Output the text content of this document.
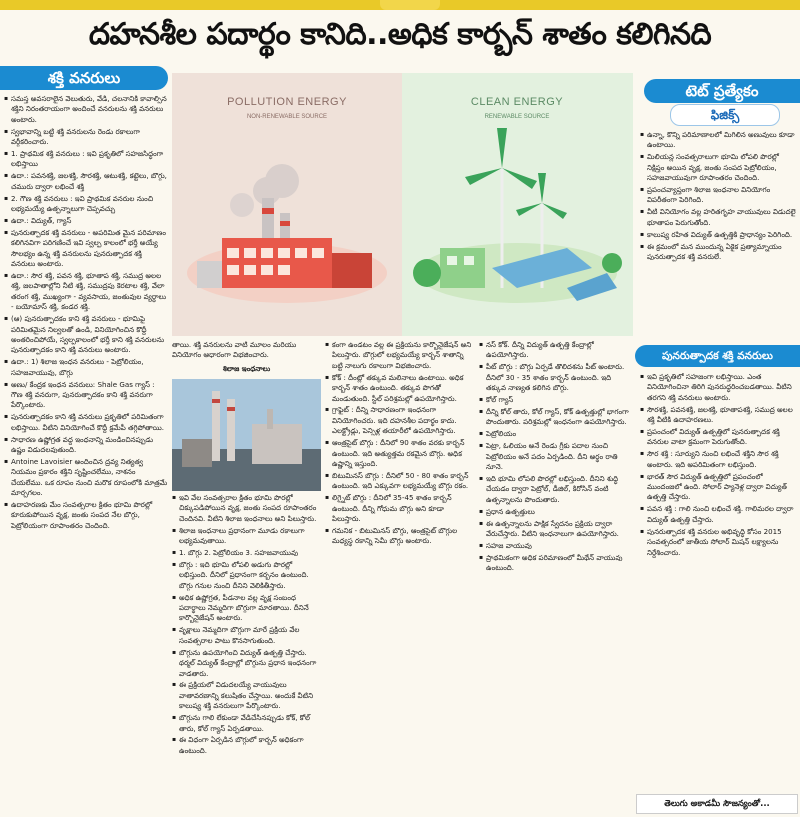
దహనశీల పదార్థం కానిది..అధిక కార్బన్ శాతం కలిగినది
శక్తి వనరులు

▪ సమస్త అవసరాలైన వెలుతురు, వేడి, చలనానికి కావాల్సిన శక్తిని నిరంతరాయంగా అందించే వనరులను శక్తి వనరులు అంటారు.

▪ స్వభావాన్ని బట్టి శక్తి వనరులను రెండు రకాలుగా వర్గీకరించారు.

▪ 1. ప్రాథమిక శక్తి వనరులు : ఇవి ప్రకృతిలో సహజసిద్ధంగా లభిస్తాయి

▪ ఉదా.: పవనశక్తి, జలశక్తి, సౌరశక్తి, ఆటుశక్తి, కట్టెలు, బొగ్గు, చమురు ద్వారా లభించే శక్తి

▪ 2. గౌణ శక్తి వనరులు : ఇవి ప్రాథమిక వనరుల నుంచి లభ్యమయ్యే ఉత్పన్నాలుగా చెప్పవచ్చు

▪ ఉదా.: విద్యుత్, గ్యాస్

▪ పునరుత్పాదక శక్తి వనరులు - అపరిమిత మైన పరిమాణం కలిగినవిగా పరిగణించే ఇవి స్వల్ప కాలంలో భర్తీ అయ్యే సౌలభ్యం ఉన్న శక్తి వనరులను పునరుత్పాదక శక్తి వనరులు అంటారు.

▪ ఉదా.: సౌర శక్తి, పవన శక్తి, భూతాప శక్తి, సముద్ర అలల శక్తి, జలపాతాల్లోని నీటి శక్తి, సముద్రపు కెరటాల శక్తి, వేలా తరంగ శక్తి, ముఖ్యంగా - వ్యవసాయ, జంతువుల వ్యర్థాలు - బయోమాస్ శక్తి, కండర శక్తి.

▪ (ఆ) పునరుత్పాదకం కాని శక్తి వనరులు - భూమిపై పరిమితమైన నిల్వలతో ఉండి, వినియోగించిన కొద్దీ అంతరించిపోయే, స్వల్పకాలంలో భర్తీ కాని శక్తి వనరులను పునరుత్పాదకం కాని శక్తి వనరులు అంటారు.

▪ ఉదా.: 1) శిలాజ ఇంధన వనరులు - పెట్రోలియం, సహజవాయువు, బొగ్గు

▪ అణు/ కేంద్రక ఇంధన వనరులు: Shale Gas గ్యాస్ : గౌణ శక్తి వనరుగా, పునరుత్పాదకం కాని శక్తి వనరుగా పేర్కొంటారు.

▪ పునరుత్పాదకం కాని శక్తి వనరులు ప్రకృతిలో పరిమితంగా లభిస్తాయి. వీటిని వినియోగించే కొద్దీ క్రమేపీ తగ్గిపోతాయి.

▪ సాధారణ ఉష్ణోగ్రత వద్ద ఇంధనాన్ని మండించినప్పుడు ఉష్ణం విడుదలవుతుంది.

▪ Antoine Lavoisier అందించిన ద్రవ్య నిత్యత్వ నియమం ప్రకారం శక్తిని సృష్టించలేము, నాశనం చేయలేము. ఒక రూపం నుంచి మరొక రూపంలోకి మాత్రమే మార్చగలం.

▪ ఉదాహరణకు మేం సంవత్సరాల క్రితం భూమి పొరల్లో కూరుకుపోయిన వృక్ష, జంతు సంపద నేల బొగ్గు, పెట్రోలియంగా రూపాంతరం చెందింది.

POLLUTION ENERGY
NON-RENEWABLE SOURCE
CLEAN ENERGY
RENEWABLE SOURCE

తాయి. శక్తి వనరులను వాటి మూలం మరియు వినియోగం ఆధారంగా విభజించారు.

శిలాజ ఇంధనాలు

▪ ఇవి వేల సంవత్సరాల క్రితం భూమి పొరల్లో చిక్కుపడిపోయిన వృక్ష, జంతు సంపద రూపాంతరం చెందినవి. వీటిని శిలాజ ఇంధనాలు అని పిలుస్తారు.

▪ శిలాజ ఇంధనాలు ప్రధానంగా మూడు రకాలుగా లభ్యమవుతాయి.

▪ 1. బొగ్గు 2. పెట్రోలియం 3. సహజవాయువు

▪ బొగ్గు : ఇది భూమి లోపలి అడుగు పొరల్లో లభిస్తుంది. దీనిలో ప్రధానంగా కర్బనం ఉంటుంది. బొగ్గు గనుల నుంచి దీనిని వెలికితీస్తారు.

▪ అధిక ఉష్ణోగ్రత, పీడనాల వల్ల వృక్ష సంబంధ పదార్థాలు నెమ్మదిగా బొగ్గుగా మారతాయి. దీనినే కార్బొనైజేషన్ అంటారు.

▪ వృక్షాలు నెమ్మదిగా బొగ్గుగా మారే ప్రక్రియ వేల సంవత్సరాల పాటు కొనసాగుతుంది.

▪ బొగ్గును ఉపయోగించి విద్యుత్ ఉత్పత్తి చేస్తారు. థర్మల్ విద్యుత్ కేంద్రాల్లో బొగ్గును ప్రధాన ఇంధనంగా వాడతారు.

▪ ఈ ప్రక్రియలో విడుదలయ్యే వాయువులు వాతావరణాన్ని కలుషితం చేస్తాయి. అందుకే వీటిని కాలుష్య శక్తి వనరులుగా పేర్కొంటారు.

▪ బొగ్గును గాలి లేకుండా వేడిచేసినప్పుడు కోక్, కోల్ తారు, కోల్ గ్యాస్ ఏర్పడతాయి.

▪ ఈ విధంగా ఏర్పడిన బొగ్గులో కార్బన్ అధికంగా ఉంటుంది.

▪ కంగా ఉండటం వల్ల ఈ ప్రక్రియను కార్బొనైజేషన్ అని పిలుస్తారు. బొగ్గులో లభ్యమయ్యే కార్బన్ శాతాన్ని బట్టి నాలుగు రకాలుగా విభజించారు.

▪ కోక్ : దీంట్లో తక్కువ మలినాలు ఉంటాయి. అధిక కార్బన్ శాతం ఉంటుంది. తక్కువ పొగతో మండుతుంది. స్టీల్ పరిశ్రమల్లో ఉపయోగిస్తారు.

▪ గ్రాఫైట్ : దీన్ని సాధారణంగా ఇంధనంగా వినియోగించరు. ఇది దహనశీల పదార్థం కాదు. ఎలక్ట్రోడ్లు, పెన్సిళ్ల తయారీలో ఉపయోగిస్తారు.

▪ ఆంత్రసైట్ బొగ్గు : దీనిలో 90 శాతం వరకు కార్బన్ ఉంటుంది. ఇది అత్యుత్తమ రకమైన బొగ్గు. అధిక ఉష్ణాన్ని ఇస్తుంది.

▪ బిటుమినస్ బొగ్గు : దీనిలో 50 - 80 శాతం కార్బన్ ఉంటుంది. ఇది ఎక్కువగా లభ్యమయ్యే బొగ్గు రకం.

▪ లిగ్నైట్ బొగ్గు : దీనిలో 35-45 శాతం కార్బన్ ఉంటుంది. దీన్ని గోధుమ బొగ్గు అని కూడా పిలుస్తారు.

▪ గమనిక - బిటుమినస్ బొగ్గు, ఆంత్రసైట్ బొగ్గుల మధ్యస్థ రకాన్ని సెమీ బొగ్గు అంటారు.

▪ నస్ కోక్. దీన్ని విద్యుత్ ఉత్పత్తి కేంద్రాల్లో ఉపయోగిస్తారు.

▪ పీట్ బొగ్గు : బొగ్గు ఏర్పడే తొలిదశను పీట్ అంటారు. దీనిలో 30 - 35 శాతం కార్బన్ ఉంటుంది. ఇది తక్కువ నాణ్యత కలిగిన బొగ్గు.

▪ కోల్ గ్యాస్

▪ దీన్ని కోల్ తారు, కోల్ గ్యాస్, కోక్ ఉత్పత్తుల్లో భాగంగా పొందుతారు. పరిశ్రమల్లో ఇంధనంగా ఉపయోగిస్తారు.

▪ పెట్రోలియం

▪ పెట్రా, ఓలియం అనే రెండు గ్రీకు పదాల నుంచి పెట్రోలియం అనే పదం ఏర్పడింది. దీని అర్థం రాతి నూనె.

▪ ఇది భూమి లోపలి పొరల్లో లభిస్తుంది. దీనిని శుద్ధి చేయడం ద్వారా పెట్రోల్, డీజిల్, కిరోసిన్ వంటి ఉత్పన్నాలను పొందుతారు.

▪ ప్రధాన ఉత్పత్తులు

▪ ఈ ఉత్పన్నాలను పాక్షిక స్వేదనం ప్రక్రియ ద్వారా వేరుచేస్తారు. వీటిని ఇంధనాలుగా ఉపయోగిస్తారు.

▪ సహజ వాయువు

▪ ప్రాథమికంగా అధిక పరిమాణంలో మీథేన్ వాయువు ఉంటుంది.

టెట్ ప్రత్యేకం
ఫిజిక్స్

▪ ఉన్నా, కొన్ని పరిమాణాలలో మిగిలిన అణువులు కూడా ఉంటాయి.

▪ మిలియన్ల సంవత్సరాలుగా భూమి లోపలి పొరల్లో నిక్షిప్తం అయిన వృక్ష, జంతు సంపద పెట్రోలియం, సహజవాయువుగా రూపాంతరం చెందింది.

▪ ప్రపంచవ్యాప్తంగా శిలాజ ఇంధనాల వినియోగం విపరీతంగా పెరిగింది.

▪ వీటి వినియోగం వల్ల హరితగృహ వాయువులు విడుదలై భూతాపం పెరుగుతోంది.

▪ కాలుష్య రహిత విద్యుత్ ఉత్పత్తికి ప్రాధాన్యం పెరిగింది.

▪ ఈ క్రమంలో మన ముందున్న ఏకైక ప్రత్యామ్నాయం పునరుత్పాదక శక్తి వనరులే.

పునరుత్పాదక శక్తి వనరులు

▪ ఇవి ప్రకృతిలో సహజంగా లభిస్తాయి. ఎంత వినియోగించినా తిరిగి పునరుద్ధరించబడతాయి. వీటిని తరగని శక్తి వనరులు అంటారు.

▪ సౌరశక్తి, పవనశక్తి, జలశక్తి, భూతాపశక్తి, సముద్ర అలల శక్తి వీటికి ఉదాహరణలు.

▪ ప్రపంచంలో విద్యుత్ ఉత్పత్తిలో పునరుత్పాదక శక్తి వనరుల వాటా క్రమంగా పెరుగుతోంది.

▪ సౌర శక్తి : సూర్యుని నుంచి లభించే శక్తిని సౌర శక్తి అంటారు. ఇది అపరిమితంగా లభిస్తుంది.

▪ భారత్ సౌర విద్యుత్ ఉత్పత్తిలో ప్రపంచంలో ముందంజలో ఉంది. సోలార్ ప్యానెళ్ల ద్వారా విద్యుత్ ఉత్పత్తి చేస్తారు.

▪ పవన శక్తి : గాలి నుంచి లభించే శక్తి. గాలిమరల ద్వారా విద్యుత్ ఉత్పత్తి చేస్తారు.

▪ పునరుత్పాదక శక్తి వనరుల అభివృద్ధి కోసం 2015 సంవత్సరంలో జాతీయ సోలార్ మిషన్ లక్ష్యాలను నిర్దేశించారు.

తెలుగు అకాడమీ సౌజన్యంతో...
